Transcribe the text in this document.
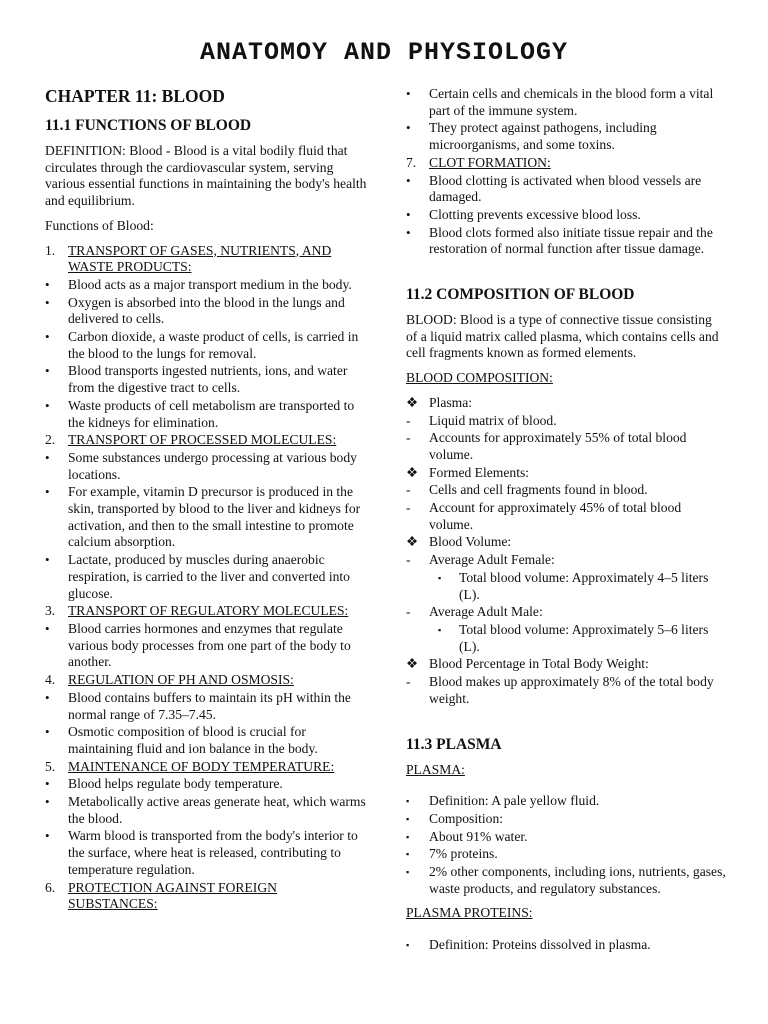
ANATOMOY AND PHYSIOLOGY
CHAPTER 11: BLOOD
11.1 FUNCTIONS OF BLOOD

DEFINITION: Blood - Blood is a vital bodily fluid that circulates through the cardiovascular system, serving various essential functions in maintaining the body's health and equilibrium.

Functions of Blood:

1. TRANSPORT OF GASES, NUTRIENTS, AND WASTE PRODUCTS:
•	Blood acts as a major transport medium in the body.
•	Oxygen is absorbed into the blood in the lungs and delivered to cells.
•	Carbon dioxide, a waste product of cells, is carried in the blood to the lungs for removal.
•	Blood transports ingested nutrients, ions, and water from the digestive tract to cells.
•	Waste products of cell metabolism are transported to the kidneys for elimination.
2. TRANSPORT OF PROCESSED MOLECULES:
•	Some substances undergo processing at various body locations.
•	For example, vitamin D precursor is produced in the skin, transported by blood to the liver and kidneys for activation, and then to the small intestine to promote calcium absorption.
•	Lactate, produced by muscles during anaerobic respiration, is carried to the liver and converted into glucose.
3. TRANSPORT OF REGULATORY MOLECULES:
•	Blood carries hormones and enzymes that regulate various body processes from one part of the body to another.
4. REGULATION OF PH AND OSMOSIS:
•	Blood contains buffers to maintain its pH within the normal range of 7.35–7.45.
•	Osmotic composition of blood is crucial for maintaining fluid and ion balance in the body.
5. MAINTENANCE OF BODY TEMPERATURE:
•	Blood helps regulate body temperature.
•	Metabolically active areas generate heat, which warms the blood.
•	Warm blood is transported from the body's interior to the surface, where heat is released, contributing to temperature regulation.
6. PROTECTION AGAINST FOREIGN SUBSTANCES:
•	Certain cells and chemicals in the blood form a vital part of the immune system.
•	They protect against pathogens, including microorganisms, and some toxins.
7. CLOT FORMATION:
•	Blood clotting is activated when blood vessels are damaged.
•	Clotting prevents excessive blood loss.
•	Blood clots formed also initiate tissue repair and the restoration of normal function after tissue damage.
11.2 COMPOSITION OF BLOOD

BLOOD: Blood is a type of connective tissue consisting of a liquid matrix called plasma, which contains cells and cell fragments known as formed elements.

BLOOD COMPOSITION:

❖ Plasma:
-	Liquid matrix of blood.
-	Accounts for approximately 55% of total blood volume.
❖ Formed Elements:
-	Cells and cell fragments found in blood.
-	Account for approximately 45% of total blood volume.
❖ Blood Volume:
-	Average Adult Female:
▪	Total blood volume: Approximately 4–5 liters (L).
-	Average Adult Male:
▪	Total blood volume: Approximately 5–6 liters (L).
❖ Blood Percentage in Total Body Weight:
-	Blood makes up approximately 8% of the total body weight.
11.3 PLASMA

PLASMA:

▪	Definition: A pale yellow fluid.
▪	Composition:
▪	About 91% water.
▪	7% proteins.
▪	2% other components, including ions, nutrients, gases, waste products, and regulatory substances.

PLASMA PROTEINS:

▪	Definition: Proteins dissolved in plasma.
